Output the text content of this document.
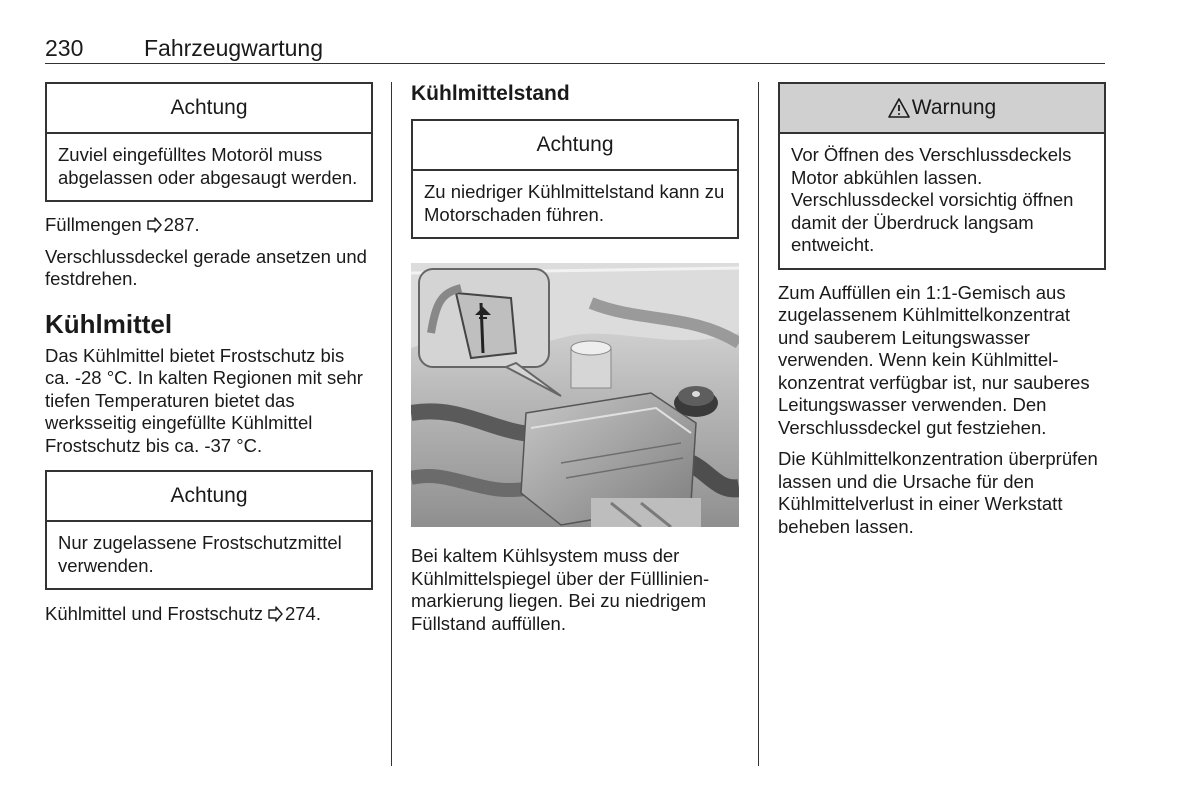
230	Fahrzeugwartung
Achtung
Zuviel eingefülltes Motoröl muss abgelassen oder abgesaugt werden.

Füllmengen 287.

Verschlussdeckel gerade ansetzen und festdrehen.

Kühlmittel

Das Kühlmittel bietet Frostschutz bis ca. -28 °C. In kalten Regionen mit sehr tiefen Temperaturen bietet das werksseitig eingefüllte Kühlmittel Frostschutz bis ca. -37 °C.

Achtung
Nur zugelassene Frostschutzmittel verwenden.

Kühlmittel und Frostschutz 274.

Kühlmittelstand
Achtung
Zu niedriger Kühlmittelstand kann zu Motorschaden führen.

Bei kaltem Kühlsystem muss der Kühlmittelspiegel über der Fülllinienmarkierung liegen. Bei zu niedrigem Füllstand auffüllen.

Warnung
Vor Öffnen des Verschlussdeckels Motor abkühlen lassen. Verschlussdeckel vorsichtig öffnen damit der Überdruck langsam entweicht.

Zum Auffüllen ein 1:1-Gemisch aus zugelassenem Kühlmittelkonzentrat und sauberem Leitungswasser verwenden. Wenn kein Kühlmittelkonzentrat verfügbar ist, nur sauberes Leitungswasser verwenden. Den Verschlussdeckel gut festziehen.

Die Kühlmittelkonzentration überprüfen lassen und die Ursache für den Kühlmittelverlust in einer Werkstatt beheben lassen.
